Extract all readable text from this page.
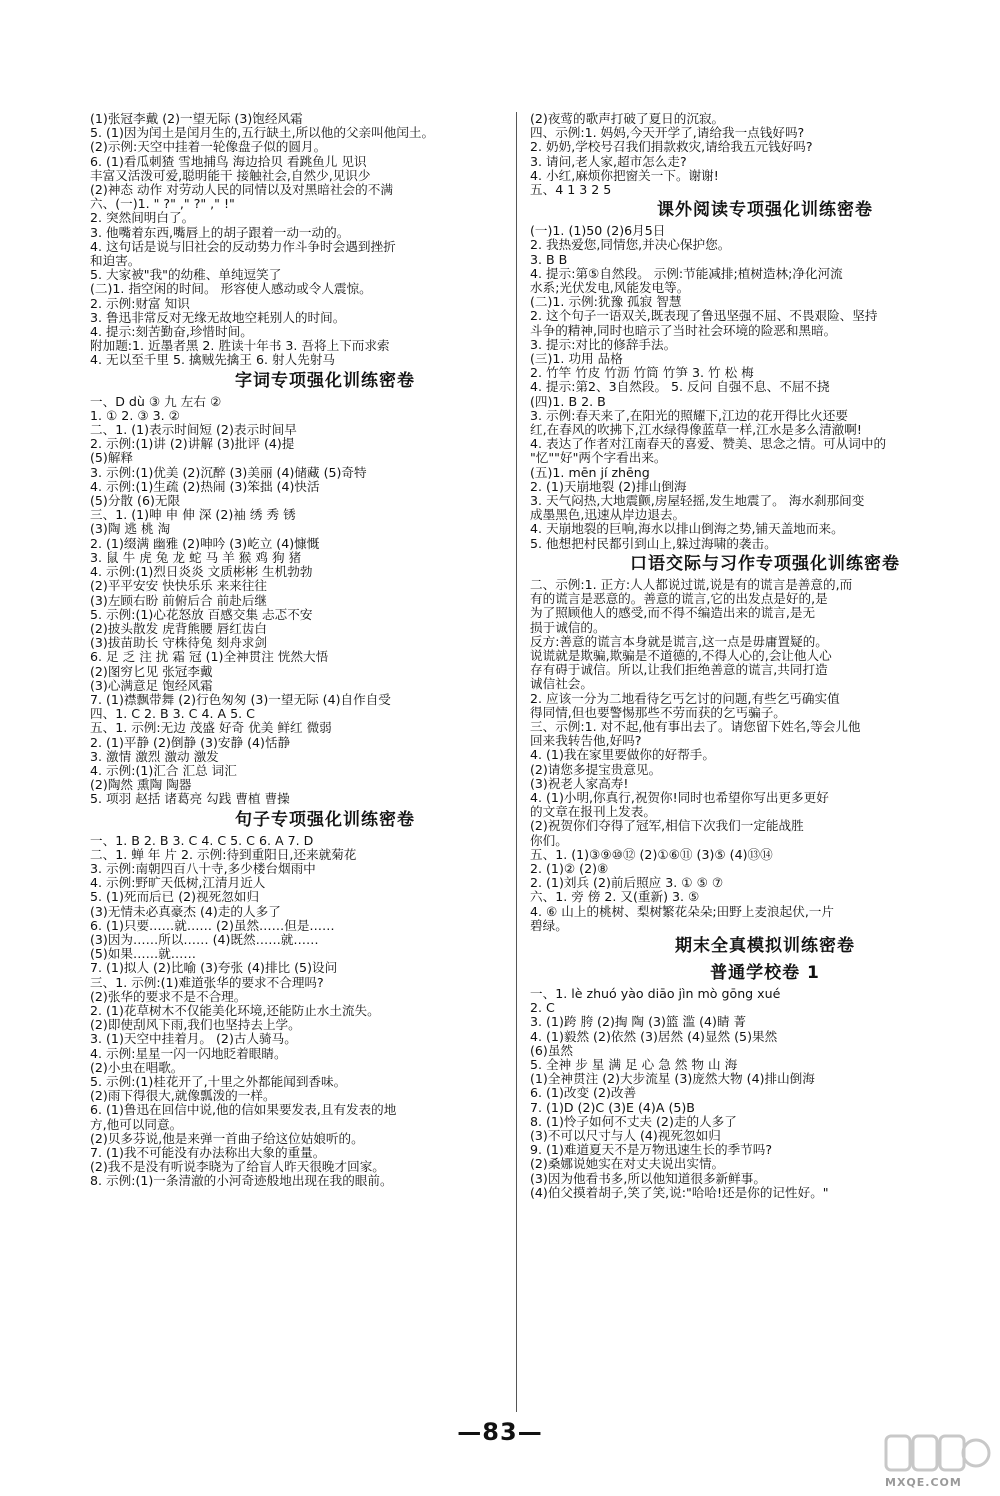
(1)张冠李戴 (2)一望无际 (3)饱经风霜
5. (1)因为闰土是闰月生的,五行缺土,所以他的父亲叫他闰土。
(2)示例:天空中挂着一轮像盘子似的圆月。
6. (1)看瓜刺猹 雪地捕鸟 海边拾贝 看跳鱼儿 见识
丰富又活泼可爱,聪明能干 接触社会,自然少,见识少
(2)神态 动作 对劳动人民的同情以及对黑暗社会的不满
六、(一)1. " ?" ," ?" ," !"
2. 突然间明白了。
3. 他嘴着东西,嘴唇上的胡子跟着一动一动的。
4. 这句话是说与旧社会的反动势力作斗争时会遇到挫折
和迫害。
5. 大家被"我"的幼稚、单纯逗笑了
(二)1. 指空闲的时间。 形容使人感动或令人震惊。
2. 示例:财富 知识
3. 鲁迅非常反对无缘无故地空耗别人的时间。
4. 提示:刻苦勤奋,珍惜时间。
附加题:1. 近墨者黑 2. 胜读十年书 3. 吾将上下而求索
4. 无以至千里 5. 擒贼先擒王 6. 射人先射马
字词专项强化训练密卷
一、D dù ③ 九 左右 ②
1. ① 2. ③ 3. ②
二、1. (1)表示时间短 (2)表示时间早
2. 示例:(1)讲 (2)讲解 (3)批评 (4)提
(5)解释
3. 示例:(1)优美 (2)沉醉 (3)美丽 (4)储藏 (5)奇特
4. 示例:(1)生疏 (2)热闹 (3)笨拙 (4)快活
(5)分散 (6)无限
三、1. (1)呻 申 伸 深 (2)袖 绣 秀 锈
(3)陶 逃 桃 淘
2. (1)缀满 幽雅 (2)呻吟 (3)屹立 (4)慷慨
3. 鼠 牛 虎 兔 龙 蛇 马 羊 猴 鸡 狗 猪
4. 示例:(1)烈日炎炎 文质彬彬 生机勃勃
(2)平平安安 快快乐乐 来来往往
(3)左顾右盼 前俯后合 前赴后继
5. 示例:(1)心花怒放 百感交集 忐忑不安
(2)披头散发 虎背熊腰 唇红齿白
(3)拔苗助长 守株待兔 刻舟求剑
6. 足 乏 注 扰 霜 冠 (1)全神贯注 恍然大悟
(2)图穷匕见 张冠李戴
(3)心满意足 饱经风霜
7. (1)襟飘带舞 (2)行色匆匆 (3)一望无际 (4)自作自受
四、1. C 2. B 3. C 4. A 5. C
五、1. 示例:无边 茂盛 好奇 优美 鲜红 微弱
2. (1)平静 (2)倒静 (3)安静 (4)恬静
3. 激情 激烈 激动 激发
4. 示例:(1)汇合 汇总 词汇
(2)陶然 熏陶 陶器
5. 项羽 赵括 诸葛亮 勾践 曹植 曹操
句子专项强化训练密卷
一、1. B 2. B 3. C 4. C 5. C 6. A 7. D
二、1. 蝉 年 片 2. 示例:待到重阳日,还来就菊花
3. 示例:南朝四百八十寺,多少楼台烟雨中
4. 示例:野旷天低树,江清月近人
5. (1)死而后已 (2)视死忽如归
(3)无情未必真豪杰 (4)走的人多了
6. (1)只要……就…… (2)虽然……但是……
(3)因为……所以…… (4)既然……就……
(5)如果……就……
7. (1)拟人 (2)比喻 (3)夸张 (4)排比 (5)设问
三、1. 示例:(1)难道张华的要求不合理吗?
(2)张华的要求不是不合理。
2. (1)花草树木不仅能美化环境,还能防止水土流失。
(2)即使刮风下雨,我们也坚持去上学。
3. (1)天空中挂着月。 (2)古人骑马。
4. 示例:星星一闪一闪地眨着眼睛。
(2)小虫在唱歌。
5. 示例:(1)桂花开了,十里之外都能闻到香味。
(2)雨下得很大,就像瓢泼的一样。
6. (1)鲁迅在回信中说,他的信如果要发表,且有发表的地
方,他可以同意。
(2)贝多芬说,他是来弹一首曲子给这位姑娘听的。
7. (1)我不可能没有办法称出大象的重量。
(2)我不是没有听说李晓为了给盲人昨天很晚才回家。
8. 示例:(1)一条清澈的小河奇迹般地出现在我的眼前。
(2)夜莺的歌声打破了夏日的沉寂。
四、示例:1. 妈妈,今天开学了,请给我一点钱好吗?
2. 奶奶,学校号召我们捐款救灾,请给我五元钱好吗?
3. 请问,老人家,超市怎么走?
4. 小红,麻烦你把窗关一下。谢谢!
五、4 1 3 2 5
课外阅读专项强化训练密卷
(一)1. (1)50 (2)6月5日
2. 我热爱您,同情您,并决心保护您。
3. B B
4. 提示:第⑤自然段。 示例:节能减排;植树造林;净化河流
水系;光伏发电,风能发电等。
(二)1. 示例:犹豫 孤寂 智慧
2. 这个句子一语双关,既表现了鲁迅坚强不屈、不畏艰险、坚持
斗争的精神,同时也暗示了当时社会环境的险恶和黑暗。
3. 提示:对比的修辞手法。
(三)1. 功用 品格
2. 竹竿 竹皮 竹沥 竹筒 竹笋 3. 竹 松 梅
4. 提示:第2、3自然段。 5. 反问 自强不息、不屈不挠
(四)1. B 2. B
3. 示例:春天来了,在阳光的照耀下,江边的花开得比火还要
红,在春风的吹拂下,江水绿得像蓝草一样,江水是多么清澈啊!
4. 表达了作者对江南春天的喜爱、赞美、思念之情。可从词中的
"忆""好"两个字看出来。
(五)1. mēn jí zhēng
2. (1)天崩地裂 (2)排山倒海
3. 天气闷热,大地震颤,房屋轻摇,发生地震了。 海水刹那间变
成墨黑色,迅速从岸边退去。
4. 天崩地裂的巨响,海水以排山倒海之势,铺天盖地而来。
5. 他想把村民都引到山上,躲过海啸的袭击。
口语交际与习作专项强化训练密卷
二、示例:1. 正方:人人都说过谎,说是有的谎言是善意的,而
有的谎言是恶意的。善意的谎言,它的出发点是好的,是
为了照顾他人的感受,而不得不编造出来的谎言,是无
损于诚信的。
反方:善意的谎言本身就是谎言,这一点是毋庸置疑的。
说谎就是欺骗,欺骗是不道德的,不得人心的,会让他人心
存有碍于诚信。所以,让我们拒绝善意的谎言,共同打造
诚信社会。
2. 应该一分为二地看待乞丐乞讨的问题,有些乞丐确实值
得同情,但也要警惕那些不劳而获的乞丐骗子。
三、示例:1. 对不起,他有事出去了。请您留下姓名,等会儿他
回来我转告他,好吗?
4. (1)我在家里要做你的好帮手。
(2)请您多提宝贵意见。
(3)祝老人家高寿!
4. (1)小明,你真行,祝贺你!同时也希望你写出更多更好
的文章在报刊上发表。
(2)祝贺你们夺得了冠军,相信下次我们一定能战胜
你们。
五、1. (1)③⑨⑩⑫ (2)①⑥⑪ (3)⑤ (4)⑬⑭
2. (1)② (2)⑧
2. (1)刘兵 (2)前后照应 3. ① ⑤ ⑦
六、1. 旁 傍 2. 又(重新) 3. ⑤
4. ⑥ 山上的桃树、梨树繁花朵朵;田野上麦浪起伏,一片
碧绿。
期末全真模拟训练密卷
普通学校卷 1
一、1. lè zhuó yào diāo jìn mò gōng xué
2. C
3. (1)跨 胯 (2)掏 陶 (3)篮 滥 (4)睛 菁
4. (1)毅然 (2)依然 (3)居然 (4)显然 (5)果然
(6)虽然
5. 全神 步 星 满 足 心 急 然 物 山 海
(1)全神贯注 (2)大步流星 (3)庞然大物 (4)排山倒海
6. (1)改变 (2)改善
7. (1)D (2)C (3)E (4)A (5)B
8. (1)怜子如何不丈夫 (2)走的人多了
(3)不可以尺寸与人 (4)视死忽如归
9. (1)难道夏天不是万物迅速生长的季节吗?
(2)桑娜说她实在对丈夫说出实情。
(3)因为他看书多,所以他知道很多新鲜事。
(4)伯父摸着胡子,笑了笑,说:"哈哈!还是你的记性好。"
—83—
MXQE.COM
